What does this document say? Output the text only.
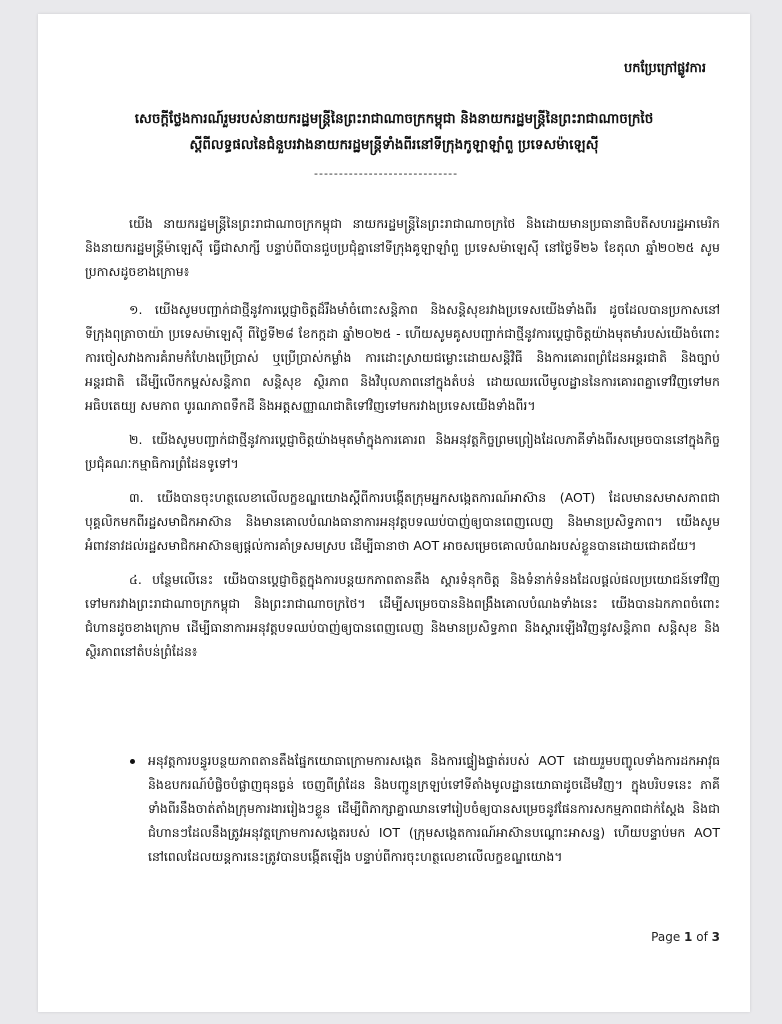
បកប្រែក្រៅផ្លូវការ
សេចក្ដីថ្លែងការណ៍រួមរបស់នាយករដ្ឋមន្ត្រីនៃព្រះរាជាណាចក្រកម្ពុជា និងនាយករដ្ឋមន្ត្រីនៃព្រះរាជាណាចក្រថៃ
ស្ដីពីលទ្ធផលនៃជំនួបរវាងនាយករដ្ឋមន្ត្រីទាំងពីរនៅទីក្រុងកូឡាឡាំពួ ប្រទេសម៉ាឡេស៊ី
-----------------------------

យើង នាយករដ្ឋមន្ត្រីនៃព្រះរាជាណាចក្រកម្ពុជា នាយករដ្ឋមន្ត្រីនៃព្រះរាជាណាចក្រថៃ និងដោយមានប្រធានាធិបតីសហរដ្ឋអាមេរិក និងនាយករដ្ឋមន្ត្រីម៉ាឡេស៊ី ធ្វើជាសាក្សី បន្ទាប់ពីបានជួបប្រជុំគ្នានៅទីក្រុងគូឡាឡាំពួ ប្រទេសម៉ាឡេស៊ី នៅថ្ងៃទី២៦ ខែតុលា ឆ្នាំ២០២៥ សូមប្រកាសដូចខាងក្រោម៖

១. យើងសូមបញ្ជាក់ជាថ្មីនូវការប្ដេជ្ញាចិត្តដ៏រឹងមាំចំពោះសន្តិភាព និងសន្តិសុខរវាងប្រទេសយើងទាំងពីរ ដូចដែលបានប្រកាសនៅទីក្រុងពុត្រាចាយ៉ា ប្រទេសម៉ាឡេស៊ី ពីថ្ងៃទី២៨ ខែកក្កដា ឆ្នាំ២០២៥ - ហើយសូមគូសបញ្ជាក់ជាថ្មីនូវការប្ដេជ្ញាចិត្តយ៉ាងមុតមាំរបស់យើងចំពោះការចៀសវាងការគំរាមកំហែងប្រើប្រាស់ ឬប្រើប្រាស់កម្លាំង ការដោះស្រាយជម្លោះដោយសន្តិវិធី និងការគោរពព្រំដែនអន្តរជាតិ និងច្បាប់អន្តរជាតិ ដើម្បីលើកកម្ពស់សន្តិភាព សន្តិសុខ ស្ថិរភាព និងវិបុលភាពនៅក្នុងតំបន់ ដោយឈរលើមូលដ្ឋាននៃការគោរពគ្នាទៅវិញទៅមក អធិបតេយ្យ សមភាព បូរណភាពទឹកដី និងអត្តសញ្ញាណជាតិទៅវិញទៅមករវាងប្រទេសយើងទាំងពីរ។

២. យើងសូមបញ្ជាក់ជាថ្មីនូវការប្ដេជ្ញាចិត្តយ៉ាងមុតមាំក្នុងការគោរព និងអនុវត្តកិច្ចព្រមព្រៀងដែលភាគីទាំងពីរសម្រេចបាននៅក្នុងកិច្ចប្រជុំគណៈកម្មាធិការព្រំដែនទូទៅ។

៣. យើងបានចុះហត្ថលេខាលើលក្ខខណ្ឌយោងស្ដីពីការបង្កើតក្រុមអ្នកសង្កេតការណ៍អាស៊ាន (AOT) ដែលមានសមាសភាពជាបុគ្គលិកមកពីរដ្ឋសមាជិកអាស៊ាន និងមានគោលបំណងធានាការអនុវត្តបទឈប់បាញ់ឲ្យបានពេញលេញ និងមានប្រសិទ្ធភាព។ យើងសូមអំពាវនាវដល់រដ្ឋសមាជិកអាស៊ានឲ្យផ្ដល់ការគាំទ្រសមស្រប ដើម្បីធានាថា AOT អាចសម្រេចគោលបំណងរបស់ខ្លួនបានដោយជោគជ័យ។

៤. បន្ថែមលើនេះ យើងបានប្ដេជ្ញាចិត្តក្នុងការបន្តយកភាពតានតឹង ស្ដារទំនុកចិត្ត និងទំនាក់ទំនងដែលផ្ដល់ផលប្រយោជន៍ទៅវិញទៅមករវាងព្រះរាជាណាចក្រកម្ពុជា និងព្រះរាជាណាចក្រថៃ។ ដើម្បីសម្រេចបាននិងពង្រឹងគោលបំណងទាំងនេះ យើងបានឯកភាពចំពោះជំហានដូចខាងក្រោម ដើម្បីធានាការអនុវត្តបទឈប់បាញ់ឲ្យបានពេញលេញ និងមានប្រសិទ្ធភាព និងស្ដារឡើងវិញនូវសន្តិភាព សន្តិសុខ និងស្ថិរភាពនៅតំបន់ព្រំដែន៖

អនុវត្តការបន្ធូរបន្ថយភាពតានតឹងផ្នែកយោធាក្រោមការសង្កេត និងការផ្ទៀងផ្ទាត់របស់ AOT ដោយរួមបញ្ចូលទាំងការដកអាវុធ និងឧបករណ៍បំផ្លិចបំផ្លាញធុនធ្ងន់ ចេញពីព្រំដែន និងបញ្ជូនក្រឡប់ទៅទីតាំងមូលដ្ឋានយោធាដូចដើមវិញ។ ក្នុងបរិបទនេះ ភាគីទាំងពីរនឹងចាត់តាំងក្រុមការងាររៀងៗខ្លួន ដើម្បីពិភាក្សាគ្នាឈានទៅរៀបចំឲ្យបានសម្រេចនូវផែនការសកម្មភាពជាក់ស្ដែង និងជាជំហានៗដែលនឹងត្រូវអនុវត្តក្រោមការសង្កេតរបស់ IOT (ក្រុមសង្កេតការណ៍អាស៊ានបណ្ដោះអាសន្ន) ហើយបន្ទាប់មក AOT នៅពេលដែលយន្តការនេះត្រូវបានបង្កើតឡើង បន្ទាប់ពីការចុះហត្ថលេខាលើលក្ខខណ្ឌយោង។
Page 1 of 3
